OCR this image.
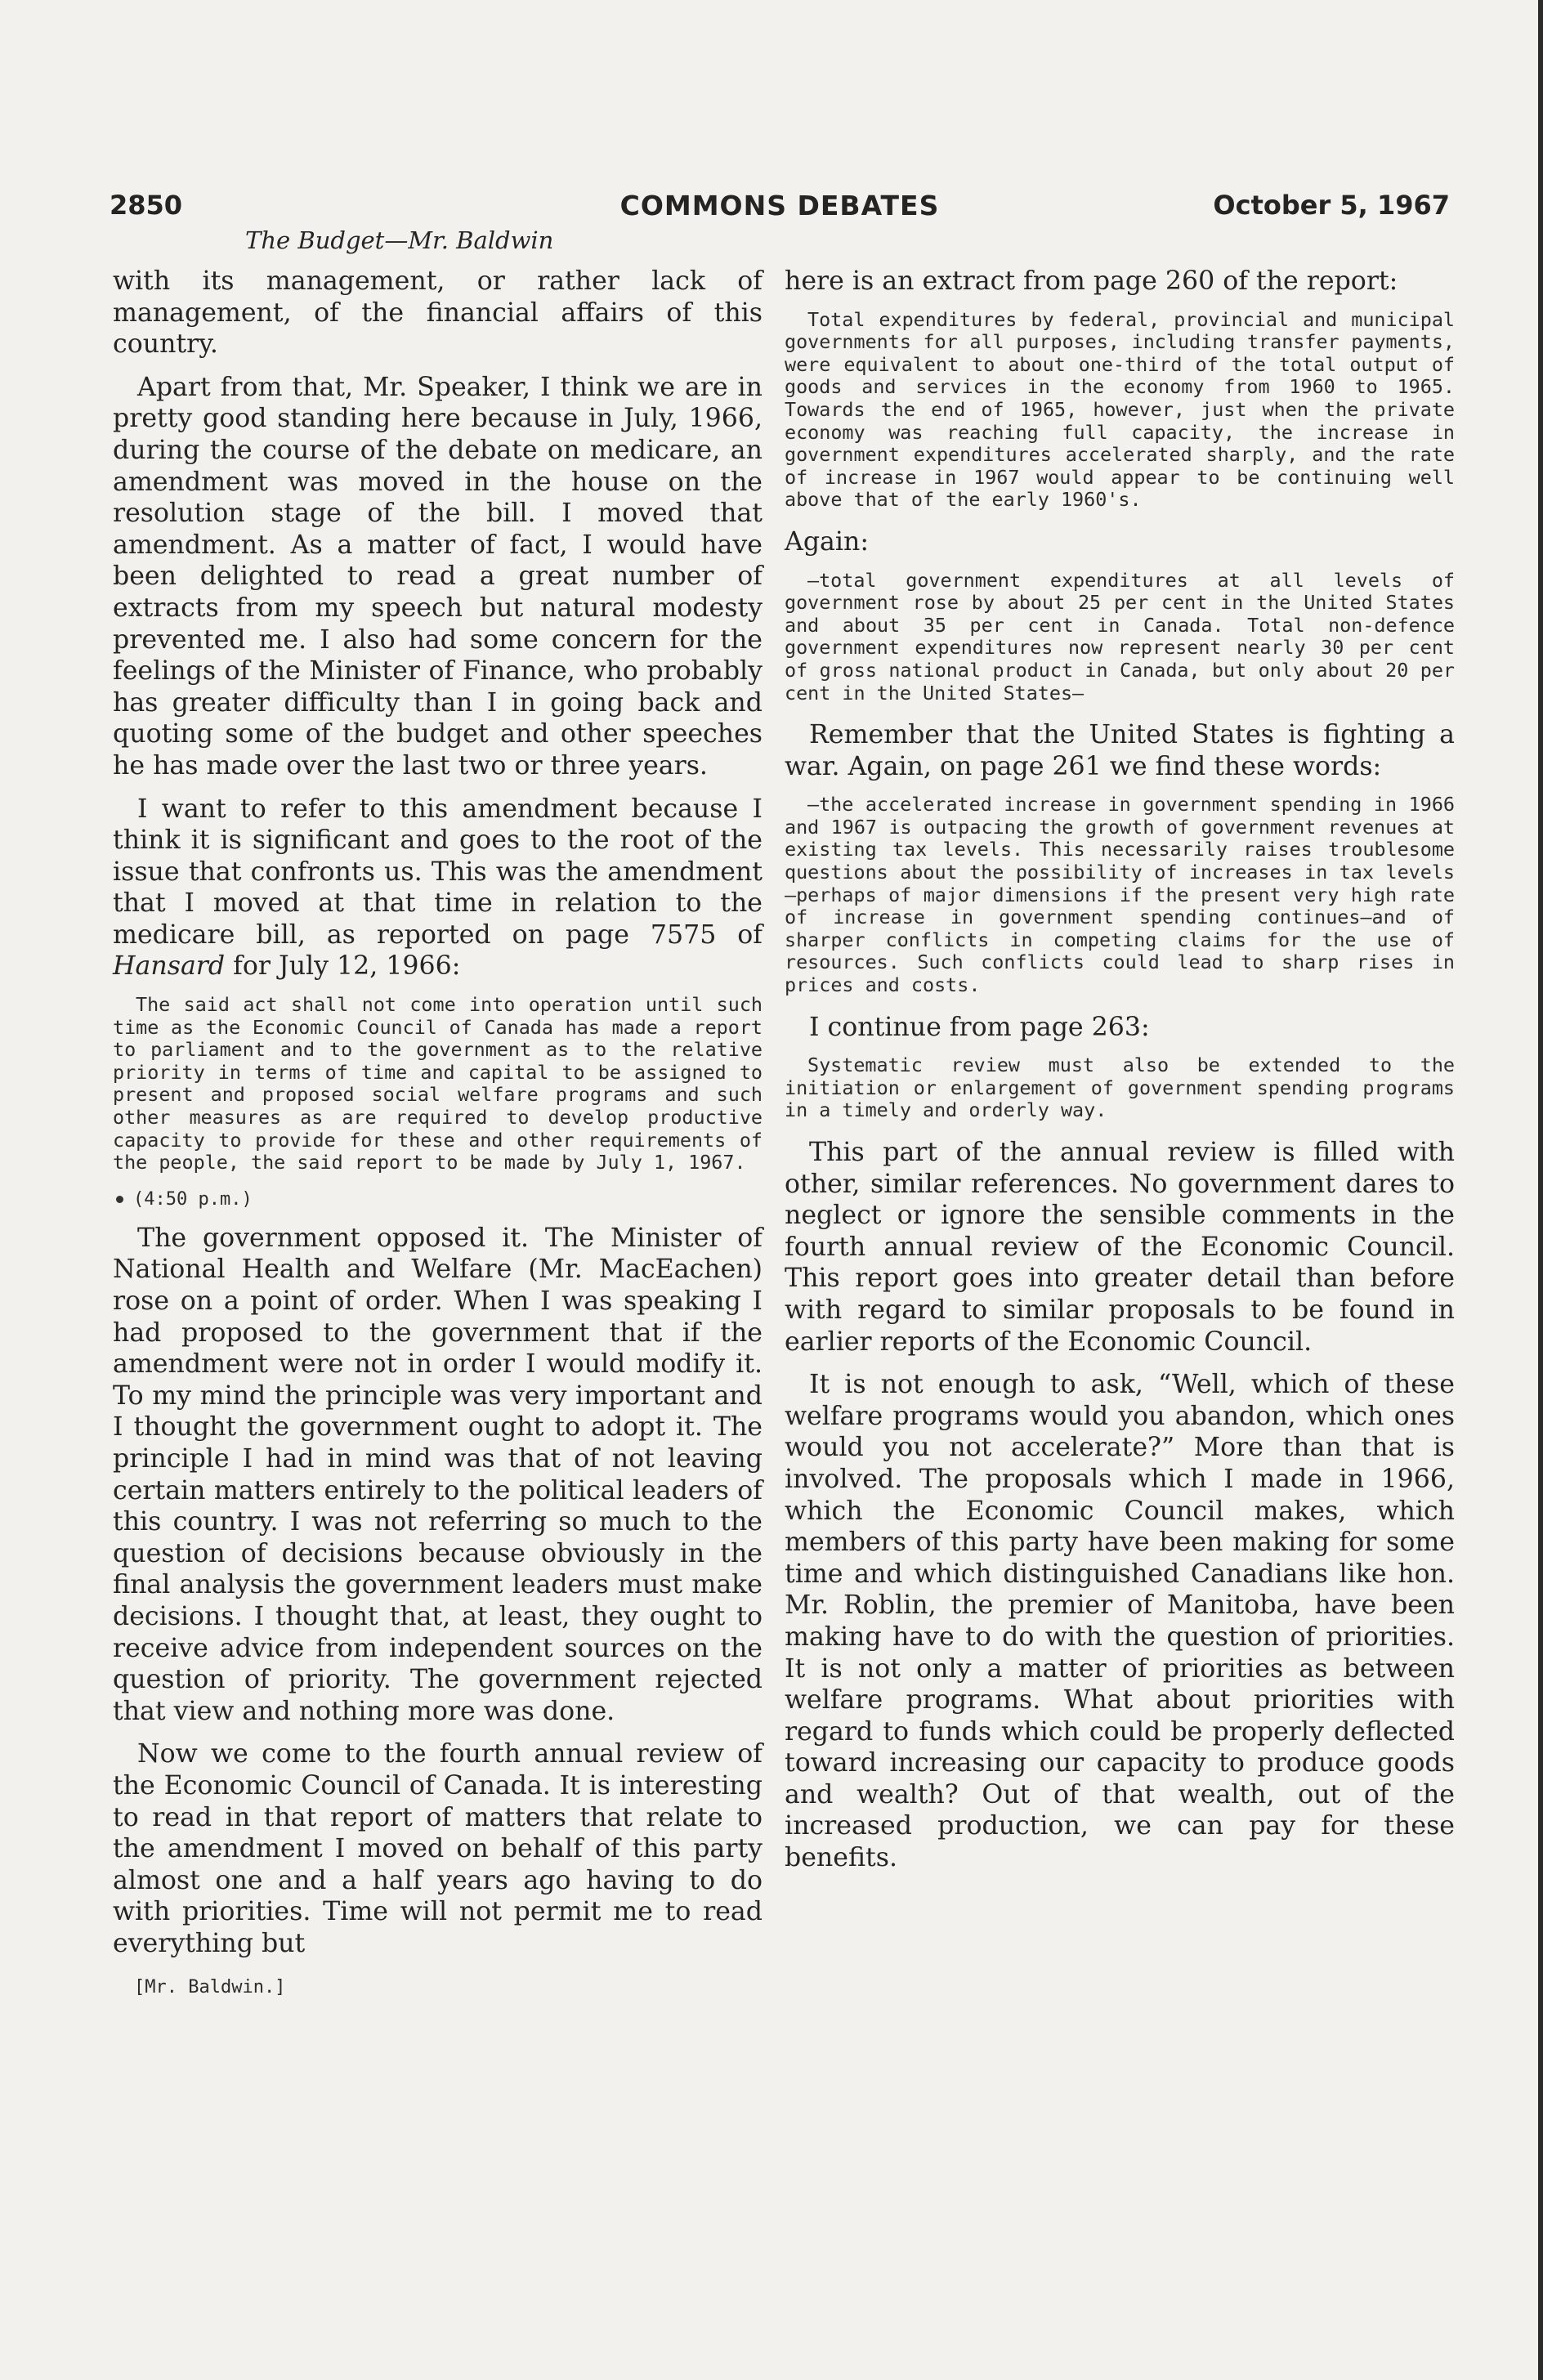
2850	COMMONS DEBATES	October 5, 1967
The Budget—Mr. Baldwin

with its management, or rather lack of management, of the financial affairs of this country.

Apart from that, Mr. Speaker, I think we are in pretty good standing here because in July, 1966, during the course of the debate on medicare, an amendment was moved in the house on the resolution stage of the bill. I moved that amendment. As a matter of fact, I would have been delighted to read a great number of extracts from my speech but natural modesty prevented me. I also had some concern for the feelings of the Minister of Finance, who probably has greater difficulty than I in going back and quoting some of the budget and other speeches he has made over the last two or three years.

I want to refer to this amendment because I think it is significant and goes to the root of the issue that confronts us. This was the amendment that I moved at that time in relation to the medicare bill, as reported on page 7575 of Hansard for July 12, 1966:

The said act shall not come into operation until such time as the Economic Council of Canada has made a report to parliament and to the government as to the relative priority in terms of time and capital to be assigned to present and proposed social welfare programs and such other measures as are required to develop productive capacity to provide for these and other requirements of the people, the said report to be made by July 1, 1967.
(4:50 p.m.)

The government opposed it. The Minister of National Health and Welfare (Mr. MacEachen) rose on a point of order. When I was speaking I had proposed to the government that if the amendment were not in order I would modify it. To my mind the principle was very important and I thought the government ought to adopt it. The principle I had in mind was that of not leaving certain matters entirely to the political leaders of this country. I was not referring so much to the question of decisions because obviously in the final analysis the government leaders must make decisions. I thought that, at least, they ought to receive advice from independent sources on the question of priority. The government rejected that view and nothing more was done.

Now we come to the fourth annual review of the Economic Council of Canada. It is interesting to read in that report of matters that relate to the amendment I moved on behalf of this party almost one and a half years ago having to do with priorities. Time will not permit me to read everything but

[Mr. Baldwin.]

here is an extract from page 260 of the report:

Total expenditures by federal, provincial and municipal governments for all purposes, including transfer payments, were equivalent to about one-third of the total output of goods and services in the economy from 1960 to 1965. Towards the end of 1965, however, just when the private economy was reaching full capacity, the increase in government expenditures accelerated sharply, and the rate of increase in 1967 would appear to be continuing well above that of the early 1960's.

Again:

—total government expenditures at all levels of government rose by about 25 per cent in the United States and about 35 per cent in Canada. Total non-defence government expenditures now represent nearly 30 per cent of gross national product in Canada, but only about 20 per cent in the United States—

Remember that the United States is fighting a war. Again, on page 261 we find these words:

—the accelerated increase in government spending in 1966 and 1967 is outpacing the growth of government revenues at existing tax levels. This necessarily raises troublesome questions about the possibility of increases in tax levels—perhaps of major dimensions if the present very high rate of increase in government spending continues—and of sharper conflicts in competing claims for the use of resources. Such conflicts could lead to sharp rises in prices and costs.

I continue from page 263:

Systematic review must also be extended to the initiation or enlargement of government spending programs in a timely and orderly way.

This part of the annual review is filled with other, similar references. No government dares to neglect or ignore the sensible comments in the fourth annual review of the Economic Council. This report goes into greater detail than before with regard to similar proposals to be found in earlier reports of the Economic Council.

It is not enough to ask, “Well, which of these welfare programs would you abandon, which ones would you not accelerate?” More than that is involved. The proposals which I made in 1966, which the Economic Council makes, which members of this party have been making for some time and which distinguished Canadians like hon. Mr. Roblin, the premier of Manitoba, have been making have to do with the question of priorities. It is not only a matter of priorities as between welfare programs. What about priorities with regard to funds which could be properly deflected toward increasing our capacity to produce goods and wealth? Out of that wealth, out of the increased production, we can pay for these benefits.
